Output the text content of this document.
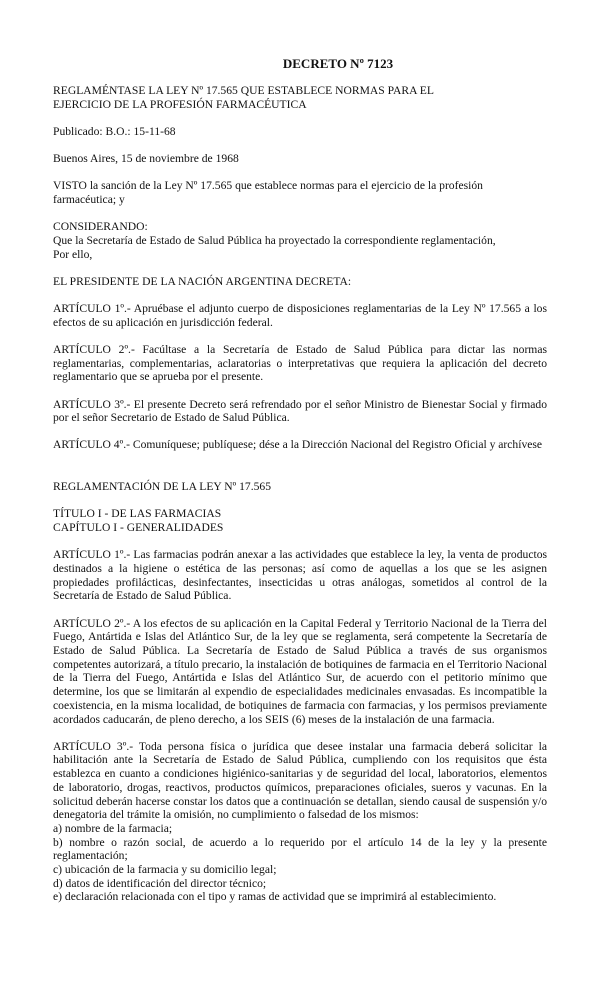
DECRETO Nº 7123

REGLAMÉNTASE LA LEY Nº 17.565 QUE ESTABLECE NORMAS PARA EL
EJERCICIO DE LA PROFESIÓN FARMACÉUTICA

Publicado: B.O.: 15-11-68

Buenos Aires, 15 de noviembre de 1968

VISTO la sanción de la Ley Nº 17.565 que establece normas para el ejercicio de la profesión farmacéutica; y

CONSIDERANDO:
Que la Secretaría de Estado de Salud Pública ha proyectado la correspondiente reglamentación,
Por ello,

EL PRESIDENTE DE LA NACIÓN ARGENTINA DECRETA:

ARTÍCULO 1º.- Apruébase el adjunto cuerpo de disposiciones reglamentarias de la Ley Nº 17.565 a los efectos de su aplicación en jurisdicción federal.

ARTÍCULO 2º.- Facúltase a la Secretaría de Estado de Salud Pública para dictar las normas reglamentarias, complementarias, aclaratorias o interpretativas que requiera la aplicación del decreto reglamentario que se aprueba por el presente.

ARTÍCULO 3º.- El presente Decreto será refrendado por el señor Ministro de Bienestar Social y firmado por el señor Secretario de Estado de Salud Pública.

ARTÍCULO 4º.- Comuníquese; publíquese; dése a la Dirección Nacional del Registro Oficial y archívese

REGLAMENTACIÓN DE LA LEY Nº 17.565

TÍTULO I - DE LAS FARMACIAS
CAPÍTULO I - GENERALIDADES

ARTÍCULO 1º.- Las farmacias podrán anexar a las actividades que establece la ley, la venta de productos destinados a la higiene o estética de las personas; así como de aquellas a los que se les asignen propiedades profilácticas, desinfectantes, insecticidas u otras análogas, sometidos al control de la Secretaría de Estado de Salud Pública.

ARTÍCULO 2º.- A los efectos de su aplicación en la Capital Federal y Territorio Nacional de la Tierra del Fuego, Antártida e Islas del Atlántico Sur, de la ley que se reglamenta, será competente la Secretaría de Estado de Salud Pública. La Secretaría de Estado de Salud Pública a través de sus organismos competentes autorizará, a título precario, la instalación de botiquines de farmacia en el Territorio Nacional de la Tierra del Fuego, Antártida e Islas del Atlántico Sur, de acuerdo con el petitorio mínimo que determine, los que se limitarán al expendio de especialidades medicinales envasadas. Es incompatible la coexistencia, en la misma localidad, de botiquines de farmacia con farmacias, y los permisos previamente acordados caducarán, de pleno derecho, a los SEIS (6) meses de la instalación de una farmacia.

ARTÍCULO 3º.- Toda persona física o jurídica que desee instalar una farmacia deberá solicitar la habilitación ante la Secretaría de Estado de Salud Pública, cumpliendo con los requisitos que ésta establezca en cuanto a condiciones higiénico-sanitarias y de seguridad del local, laboratorios, elementos de laboratorio, drogas, reactivos, productos químicos, preparaciones oficiales, sueros y vacunas. En la solicitud deberán hacerse constar los datos que a continuación se detallan, siendo causal de suspensión y/o denegatoria del trámite la omisión, no cumplimiento o falsedad de los mismos:

a) nombre de la farmacia;

b) nombre o razón social, de acuerdo a lo requerido por el artículo 14 de la ley y la presente reglamentación;

c) ubicación de la farmacia y su domicilio legal;

d) datos de identificación del director técnico;

e) declaración relacionada con el tipo y ramas de actividad que se imprimirá al establecimiento.
